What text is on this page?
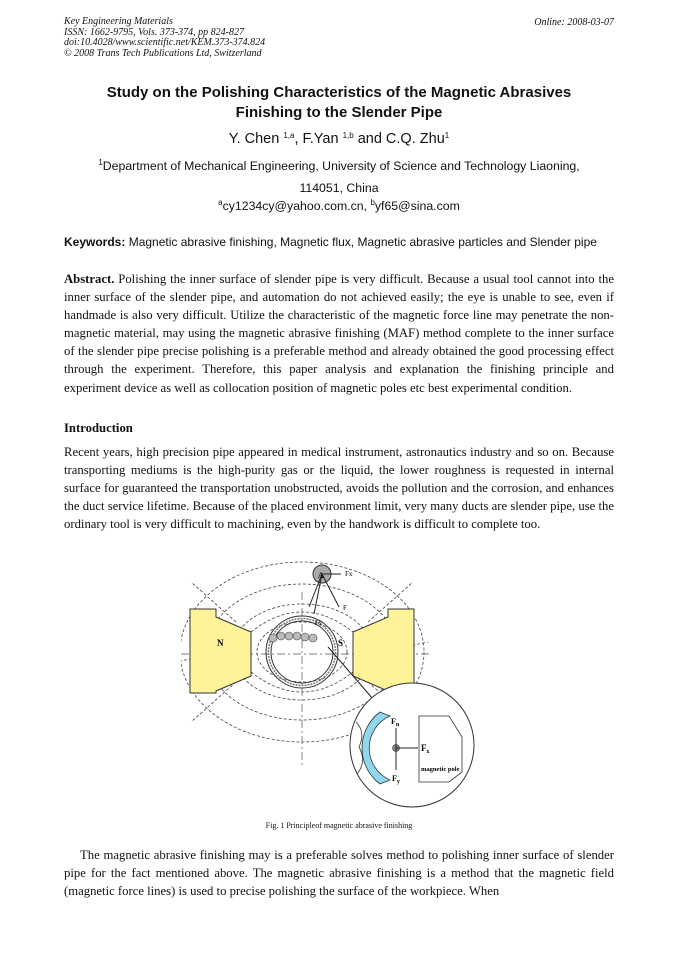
Key Engineering Materials
ISSN: 1662-9795, Vols. 373-374, pp 824-827
doi:10.4028/www.scientific.net/KEM.373-374.824
© 2008 Trans Tech Publications Ltd, Switzerland
Online: 2008-03-07
Study on the Polishing Characteristics of the Magnetic Abrasives
Finishing to the Slender Pipe
Y. Chen $^{1,a}$, F.Yan $^{1,b}$ and C.Q. Zhu$^1$
$^1$Department of Mechanical Engineering, University of Science and Technology Liaoning,
114051, China
$^a$cy1234cy@yahoo.com.cn, $^b$yf65@sina.com
Keywords: Magnetic abrasive finishing, Magnetic flux, Magnetic abrasive particles and Slender pipe
Abstract. Polishing the inner surface of slender pipe is very difficult. Because a usual tool cannot into the inner surface of the slender pipe, and automation do not achieved easily; the eye is unable to see, even if handmade is also very difficult. Utilize the characteristic of the magnetic force line may penetrate the non-magnetic material, may using the magnetic abrasive finishing (MAF) method complete to the inner surface of the slender pipe precise polishing is a preferable method and already obtained the good processing effect through the experiment. Therefore, this paper analysis and explanation the finishing principle and experiment device as well as collocation position of magnetic poles etc best experimental condition.
Introduction
Recent years, high precision pipe appeared in medical instrument, astronautics industry and so on. Because transporting mediums is the high-purity gas or the liquid, the lower roughness is requested in internal surface for guaranteed the transportation unobstructed, avoids the pollution and the corrosion, and enhances the duct service lifetime. Because of the placed environment limit, very many ducts are slender pipe, use the ordinary tool is very difficult to machining, even by the handwork is difficult to complete too.
N	S
A	Fx
Fy
F
$F_n$
$F_x$
$F_y$
magnetic pole
Fig. 1 Principleof magnetic abrasive finishing
The magnetic abrasive finishing may is a preferable solves method to polishing inner surface of slender pipe for the fact mentioned above. The magnetic abrasive finishing is a method that the magnetic field (magnetic force lines) is used to precise polishing the surface of the workpiece. When
